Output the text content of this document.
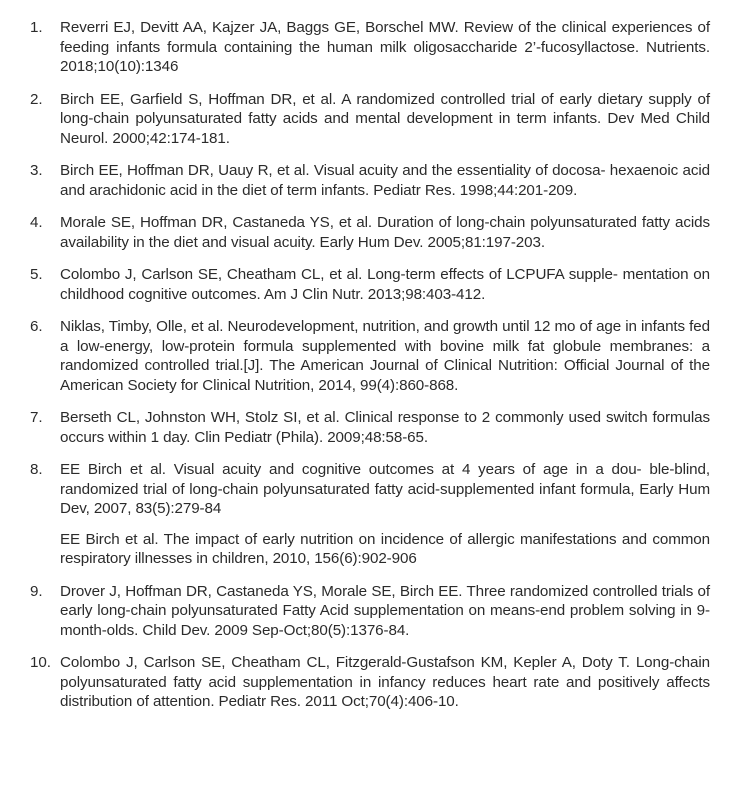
1.	Reverri EJ, Devitt AA, Kajzer JA, Baggs GE, Borschel MW. Review of the clinical experiences of feeding infants formula containing the human milk oligosaccharide 2’-fucosyllactose. Nutrients. 2018;10(10):1346
2.	Birch EE, Garfield S, Hoffman DR, et al. A randomized controlled trial of early dietary supply of long-chain polyunsaturated fatty acids and mental development in term infants. Dev Med Child Neurol. 2000;42:174-181.
3.	Birch EE, Hoffman DR, Uauy R, et al. Visual acuity and the essentiality of docosa- hexaenoic acid and arachidonic acid in the diet of term infants. Pediatr Res. 1998;44:201-209.
4.	Morale SE, Hoffman DR, Castaneda YS, et al. Duration of long-chain polyunsaturated fatty acids availability in the diet and visual acuity. Early Hum Dev. 2005;81:197-203.
5.	Colombo J, Carlson SE, Cheatham CL, et al. Long-term effects of LCPUFA supple- mentation on childhood cognitive outcomes. Am J Clin Nutr. 2013;98:403-412.
6.	Niklas, Timby, Olle, et al. Neurodevelopment, nutrition, and growth until 12 mo of age in infants fed a low-energy, low-protein formula supplemented with bovine milk fat globule membranes: a randomized controlled trial.[J]. The American Journal of Clinical Nutrition: Official Journal of the American Society for Clinical Nutrition, 2014, 99(4):860-868.
7.	Berseth CL, Johnston WH, Stolz SI, et al. Clinical response to 2 commonly used switch formulas occurs within 1 day. Clin Pediatr (Phila). 2009;48:58-65.
8.	EE Birch et al. Visual acuity and cognitive outcomes at 4 years of age in a dou- ble-blind, randomized trial of long-chain polyunsaturated fatty acid-supplemented infant formula, Early Hum Dev, 2007, 83(5):279-84
EE Birch et al. The impact of early nutrition on incidence of allergic manifestations and common respiratory illnesses in children, 2010, 156(6):902-906
9.	Drover J, Hoffman DR, Castaneda YS, Morale SE, Birch EE. Three randomized controlled trials of early long-chain polyunsaturated Fatty Acid supplementation on means-end problem solving in 9-month-olds. Child Dev. 2009 Sep-Oct;80(5):1376-84.
10. Colombo J, Carlson SE, Cheatham CL, Fitzgerald-Gustafson KM, Kepler A, Doty T. Long-chain polyunsaturated fatty acid supplementation in infancy reduces heart rate and positively affects distribution of attention. Pediatr Res. 2011 Oct;70(4):406-10.
